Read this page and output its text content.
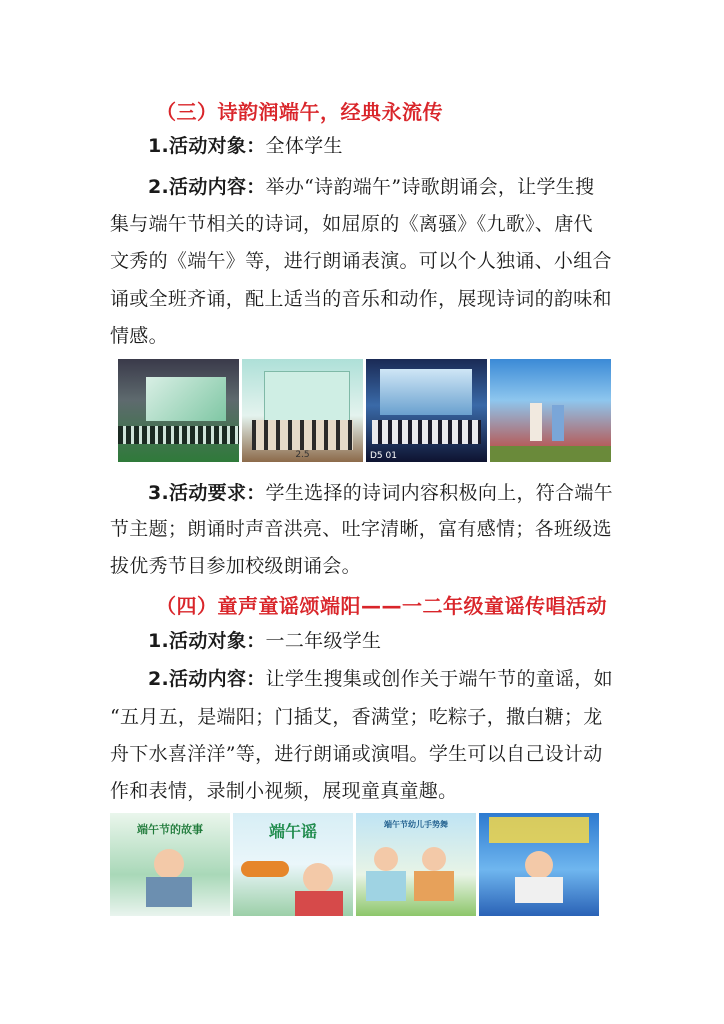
（三）诗韵润端午，经典永流传
1.活动对象：全体学生
2.活动内容：举办“诗韵端午”诗歌朗诵会，让学生搜
集与端午节相关的诗词，如屈原的《离骚》《九歌》、唐代
文秀的《端午》等，进行朗诵表演。可以个人独诵、小组合
诵或全班齐诵，配上适当的音乐和动作，展现诗词的韵味和
情感。
2.5	D5 01
3.活动要求：学生选择的诗词内容积极向上，符合端午
节主题；朗诵时声音洪亮、吐字清晰，富有感情；各班级选
拔优秀节目参加校级朗诵会。
（四）童声童谣颂端阳——一二年级童谣传唱活动
1.活动对象：一二年级学生
2.活动内容：让学生搜集或创作关于端午节的童谣，如
“五月五，是端阳；门插艾，香满堂；吃粽子，撒白糖；龙
舟下水喜洋洋”等，进行朗诵或演唱。学生可以自己设计动
作和表情，录制小视频，展现童真童趣。
端午节的故事	端午谣	端午节幼儿手势舞
